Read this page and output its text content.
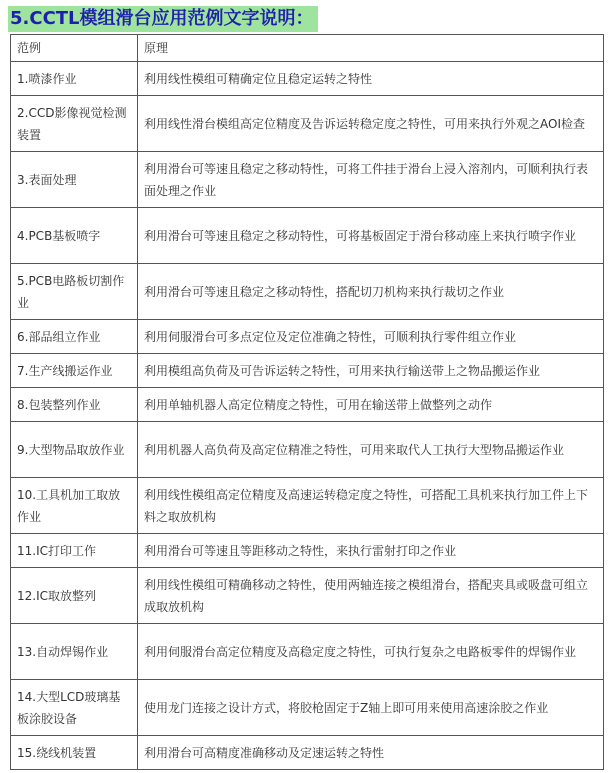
5.CCTL模组滑台应用范例文字说明：
范例	原理
1.喷漆作业	利用线性模组可精确定位且稳定运转之特性
2.CCD影像视觉检测装置	利用线性滑台模组高定位精度及告诉运转稳定度之特性，可用来执行外观之AOI检查
3.表面处理	利用滑台可等速且稳定之移动特性，可将工件挂于滑台上浸入溶剂内，可顺利执行表面处理之作业
4.PCB基板喷字	利用滑台可等速且稳定之移动特性，可将基板固定于滑台移动座上来执行喷字作业
5.PCB电路板切割作业	利用滑台可等速且稳定之移动特性，搭配切刀机构来执行裁切之作业
6.部品组立作业	利用伺服滑台可多点定位及定位准确之特性，可顺利执行零件组立作业
7.生产线搬运作业	利用模组高负荷及可告诉运转之特性，可用来执行输送带上之物品搬运作业
8.包装整列作业	利用单轴机器人高定位精度之特性，可用在输送带上做整列之动作
9.大型物品取放作业	利用机器人高负荷及高定位精准之特性，可用来取代人工执行大型物品搬运作业
10.工具机加工取放作业	利用线性模组高定位精度及高速运转稳定度之特性，可搭配工具机来执行加工件上下料之取放机构
11.IC打印工作	利用滑台可等速且等距移动之特性，来执行雷射打印之作业
12.IC取放整列	利用线性模组可精确移动之特性，使用两轴连接之模组滑台，搭配夹具或吸盘可组立成取放机构
13.自动焊锡作业	利用伺服滑台高定位精度及高稳定度之特性，可执行复杂之电路板零件的焊锡作业
14.大型LCD玻璃基板涂胶设备	使用龙门连接之设计方式，将胶枪固定于Z轴上即可用来使用高速涂胶之作业
15.绕线机装置	利用滑台可高精度准确移动及定速运转之特性
